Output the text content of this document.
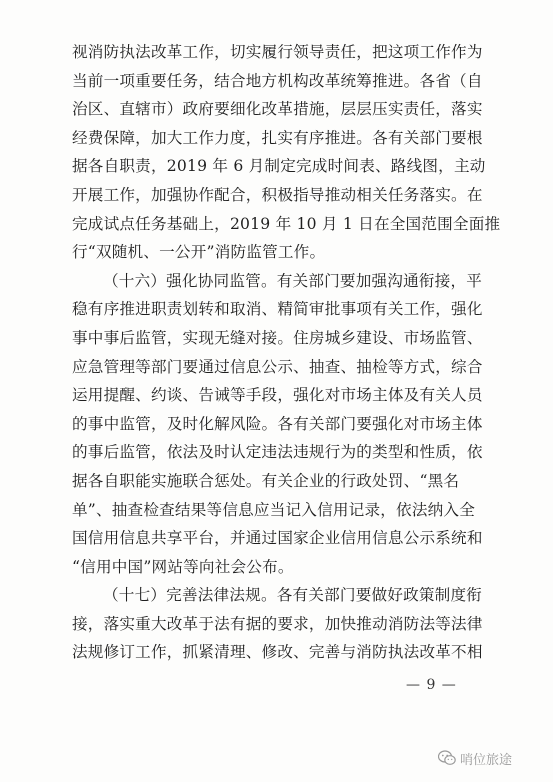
视消防执法改革工作，切实履行领导责任，把这项工作作为
当前一项重要任务，结合地方机构改革统筹推进。各省（自
治区、直辖市）政府要细化改革措施，层层压实责任，落实
经费保障，加大工作力度，扎实有序推进。各有关部门要根
据各自职责，2019 年 6 月制定完成时间表、路线图，主动
开展工作，加强协作配合，积极指导推动相关任务落实。在
完成试点任务基础上，2019 年 10 月 1 日在全国范围全面推
行“双随机、一公开”消防监管工作。
（十六）强化协同监管。有关部门要加强沟通衔接，平
稳有序推进职责划转和取消、精简审批事项有关工作，强化
事中事后监管，实现无缝对接。住房城乡建设、市场监管、
应急管理等部门要通过信息公示、抽查、抽检等方式，综合
运用提醒、约谈、告诫等手段，强化对市场主体及有关人员
的事中监管，及时化解风险。各有关部门要强化对市场主体
的事后监管，依法及时认定违法违规行为的类型和性质，依
据各自职能实施联合惩处。有关企业的行政处罚、“黑名
单”、抽查检查结果等信息应当记入信用记录，依法纳入全
国信用信息共享平台，并通过国家企业信用信息公示系统和
“信用中国”网站等向社会公布。
（十七）完善法律法规。各有关部门要做好政策制度衔
接，落实重大改革于法有据的要求，加快推动消防法等法律
法规修订工作，抓紧清理、修改、完善与消防执法改革不相
— 9 —
哨位旅途
